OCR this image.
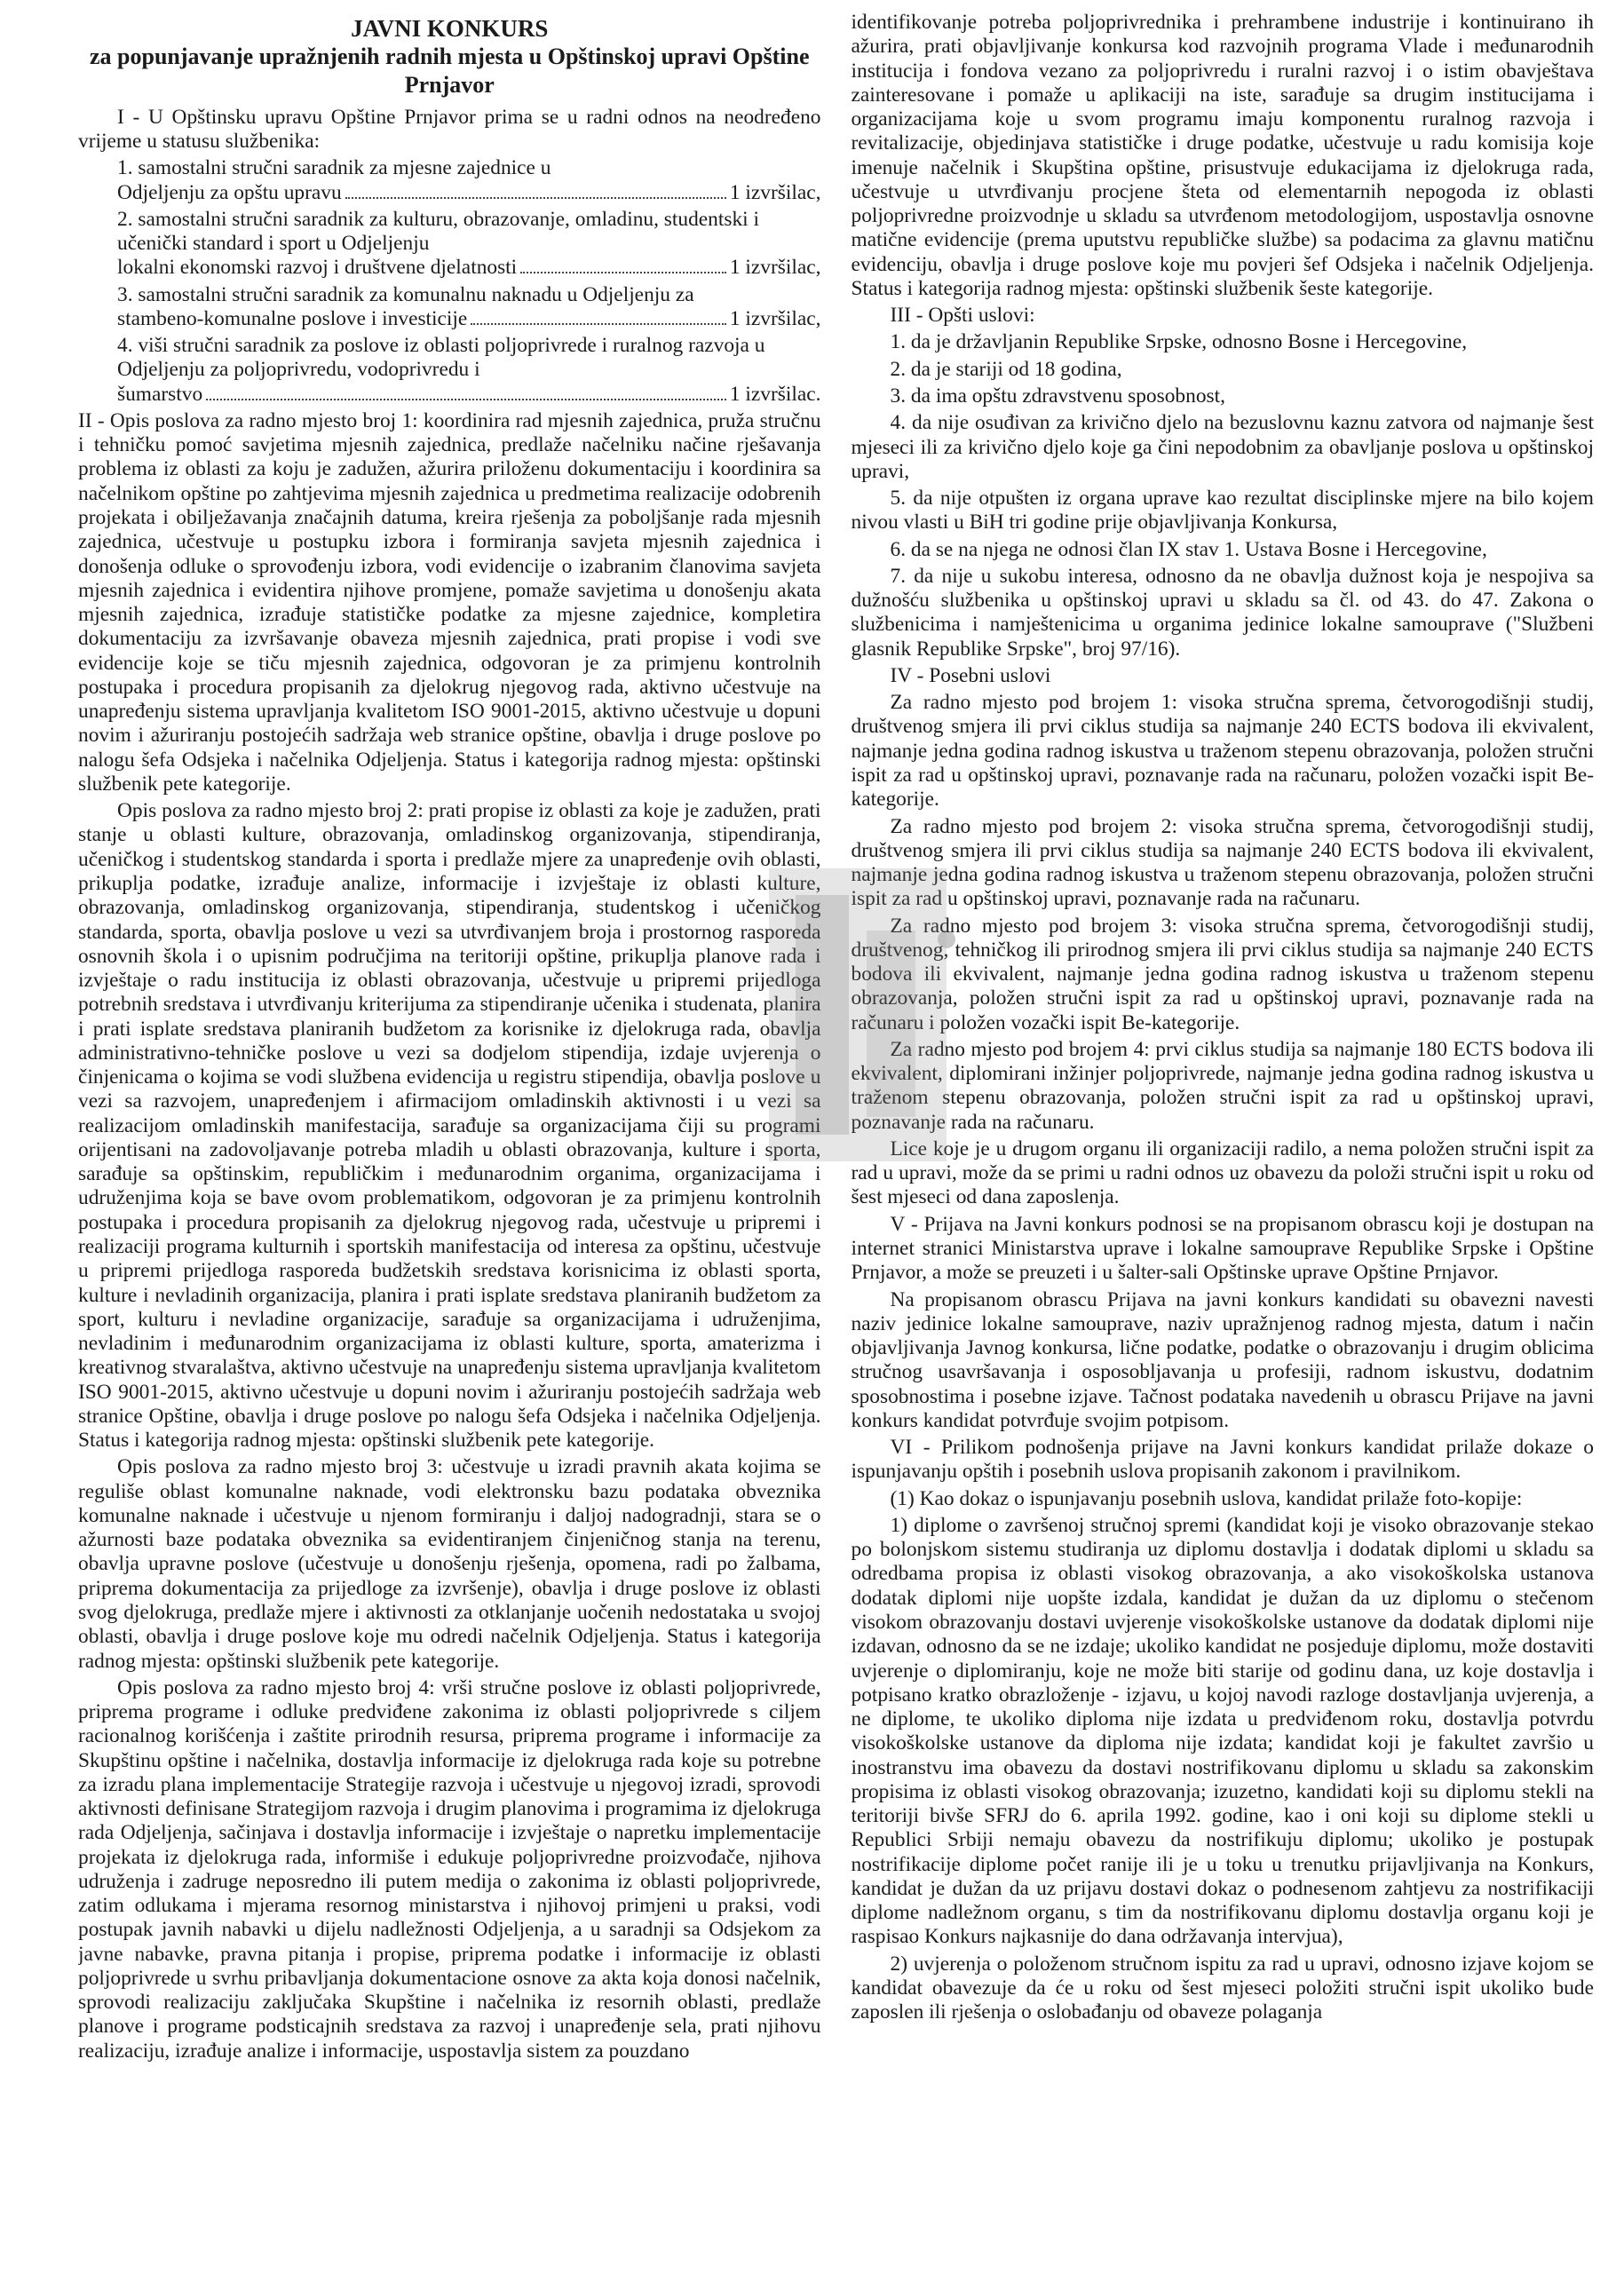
JAVNI KONKURS
za popunjavanje upražnjenih radnih mjesta u Opštinskoj upravi Opštine Prnjavor

I - U Opštinsku upravu Opštine Prnjavor prima se u radni odnos na neodređeno vrijeme u statusu službenika:

1. samostalni stručni saradnik za mjesne zajednice u
Odjeljenju za opštu upravu	1 izvršilac,
2. samostalni stručni saradnik za kulturu, obrazovanje, omladinu, studentski i učenički standard i sport u Odjeljenju
lokalni ekonomski razvoj i društvene djelatnosti	1 izvršilac,
3. samostalni stručni saradnik za komunalnu naknadu u Odjeljenju za
stambeno-komunalne poslove i investicije	1 izvršilac,
4. viši stručni saradnik za poslove iz oblasti poljoprivrede i ruralnog razvoja u Odjeljenju za poljoprivredu, vodoprivredu i
šumarstvo	1 izvršilac.

II - Opis poslova za radno mjesto broj 1: koordinira rad mjesnih zajednica, pruža stručnu i tehničku pomoć savjetima mjesnih zajednica, predlaže načelniku načine rješavanja problema iz oblasti za koju je zadužen, ažurira priloženu dokumentaciju i koordinira sa načelnikom opštine po zahtjevima mjesnih zajednica u predmetima realizacije odobrenih projekata i obilježavanja značajnih datuma, kreira rješenja za poboljšanje rada mjesnih zajednica, učestvuje u postupku izbora i formiranja savjeta mjesnih zajednica i donošenja odluke o sprovođenju izbora, vodi evidencije o izabranim članovima savjeta mjesnih zajednica i evidentira njihove promjene, pomaže savjetima u donošenju akata mjesnih zajednica, izrađuje statističke podatke za mjesne zajednice, kompletira dokumentaciju za izvršavanje obaveza mjesnih zajednica, prati propise i vodi sve evidencije koje se tiču mjesnih zajednica, odgovoran je za primjenu kontrolnih postupaka i procedura propisanih za djelokrug njegovog rada, aktivno učestvuje na unapređenju sistema upravljanja kvalitetom ISO 9001-2015, aktivno učestvuje u dopuni novim i ažuriranju postojećih sadržaja web stranice opštine, obavlja i druge poslove po nalogu šefa Odsjeka i načelnika Odjeljenja. Status i kategorija radnog mjesta: opštinski službenik pete kategorije.

Opis poslova za radno mjesto broj 2: prati propise iz oblasti za koje je zadužen, prati stanje u oblasti kulture, obrazovanja, omladinskog organizovanja, stipendiranja, učeničkog i studentskog standarda i sporta i predlaže mjere za unapređenje ovih oblasti, prikuplja podatke, izrađuje analize, informacije i izvještaje iz oblasti kulture, obrazovanja, omladinskog organizovanja, stipendiranja, studentskog i učeničkog standarda, sporta, obavlja poslove u vezi sa utvrđivanjem broja i prostornog rasporeda osnovnih škola i o upisnim područjima na teritoriji opštine, prikuplja planove rada i izvještaje o radu institucija iz oblasti obrazovanja, učestvuje u pripremi prijedloga potrebnih sredstava i utvrđivanju kriterijuma za stipendiranje učenika i studenata, planira i prati isplate sredstava planiranih budžetom za korisnike iz djelokruga rada, obavlja administrativno-tehničke poslove u vezi sa dodjelom stipendija, izdaje uvjerenja o činjenicama o kojima se vodi službena evidencija u registru stipendija, obavlja poslove u vezi sa razvojem, unapređenjem i afirmacijom omladinskih aktivnosti i u vezi sa realizacijom omladinskih manifestacija, sarađuje sa organizacijama čiji su programi orijentisani na zadovoljavanje potreba mladih u oblasti obrazovanja, kulture i sporta, sarađuje sa opštinskim, republičkim i međunarodnim organima, organizacijama i udruženjima koja se bave ovom problematikom, odgovoran je za primjenu kontrolnih postupaka i procedura propisanih za djelokrug njegovog rada, učestvuje u pripremi i realizaciji programa kulturnih i sportskih manifestacija od interesa za opštinu, učestvuje u pripremi prijedloga rasporeda budžetskih sredstava korisnicima iz oblasti sporta, kulture i nevladinih organizacija, planira i prati isplate sredstava planiranih budžetom za sport, kulturu i nevladine organizacije, sarađuje sa organizacijama i udruženjima, nevladinim i međunarodnim organizacijama iz oblasti kulture, sporta, amaterizma i kreativnog stvaralaštva, aktivno učestvuje na unapređenju sistema upravljanja kvalitetom ISO 9001-2015, aktivno učestvuje u dopuni novim i ažuriranju postojećih sadržaja web stranice Opštine, obavlja i druge poslove po nalogu šefa Odsjeka i načelnika Odjeljenja. Status i kategorija radnog mjesta: opštinski službenik pete kategorije.

Opis poslova za radno mjesto broj 3: učestvuje u izradi pravnih akata kojima se reguliše oblast komunalne naknade, vodi elektronsku bazu podataka obveznika komunalne naknade i učestvuje u njenom formiranju i daljoj nadogradnji, stara se o ažurnosti baze podataka obveznika sa evidentiranjem činjeničnog stanja na terenu, obavlja upravne poslove (učestvuje u donošenju rješenja, opomena, radi po žalbama, priprema dokumentacija za prijedloge za izvršenje), obavlja i druge poslove iz oblasti svog djelokruga, predlaže mjere i aktivnosti za otklanjanje uočenih nedostataka u svojoj oblasti, obavlja i druge poslove koje mu odredi načelnik Odjeljenja. Status i kategorija radnog mjesta: opštinski službenik pete kategorije.

Opis poslova za radno mjesto broj 4: vrši stručne poslove iz oblasti poljoprivrede, priprema programe i odluke predviđene zakonima iz oblasti poljoprivrede s ciljem racionalnog korišćenja i zaštite prirodnih resursa, priprema programe i informacije za Skupštinu opštine i načelnika, dostavlja informacije iz djelokruga rada koje su potrebne za izradu plana implementacije Strategije razvoja i učestvuje u njegovoj izradi, sprovodi aktivnosti definisane Strategijom razvoja i drugim planovima i programima iz djelokruga rada Odjeljenja, sačinjava i dostavlja informacije i izvještaje o napretku implementacije projekata iz djelokruga rada, informiše i edukuje poljoprivredne proizvođače, njihova udruženja i zadruge neposredno ili putem medija o zakonima iz oblasti poljoprivrede, zatim odlukama i mjerama resornog ministarstva i njihovoj primjeni u praksi, vodi postupak javnih nabavki u dijelu nadležnosti Odjeljenja, a u saradnji sa Odsjekom za javne nabavke, pravna pitanja i propise, priprema podatke i informacije iz oblasti poljoprivrede u svrhu pribavljanja dokumentacione osnove za akta koja donosi načelnik, sprovodi realizaciju zaključaka Skupštine i načelnika iz resornih oblasti, predlaže planove i programe podsticajnih sredstava za razvoj i unapređenje sela, prati njihovu realizaciju, izrađuje analize i informacije, uspostavlja sistem za pouzdano

identifikovanje potreba poljoprivrednika i prehrambene industrije i kontinuirano ih ažurira, prati objavljivanje konkursa kod razvojnih programa Vlade i međunarodnih institucija i fondova vezano za poljoprivredu i ruralni razvoj i o istim obavještava zainteresovane i pomaže u aplikaciji na iste, sarađuje sa drugim institucijama i organizacijama koje u svom programu imaju komponentu ruralnog razvoja i revitalizacije, objedinjava statističke i druge podatke, učestvuje u radu komisija koje imenuje načelnik i Skupština opštine, prisustvuje edukacijama iz djelokruga rada, učestvuje u utvrđivanju procjene šteta od elementarnih nepogoda iz oblasti poljoprivredne proizvodnje u skladu sa utvrđenom metodologijom, uspostavlja osnovne matične evidencije (prema uputstvu republičke službe) sa podacima za glavnu matičnu evidenciju, obavlja i druge poslove koje mu povjeri šef Odsjeka i načelnik Odjeljenja. Status i kategorija radnog mjesta: opštinski službenik šeste kategorije.

III - Opšti uslovi:

1. da je državljanin Republike Srpske, odnosno Bosne i Hercegovine,

2. da je stariji od 18 godina,

3. da ima opštu zdravstvenu sposobnost,

4. da nije osuđivan za krivično djelo na bezuslovnu kaznu zatvora od najmanje šest mjeseci ili za krivično djelo koje ga čini nepodobnim za obavljanje poslova u opštinskoj upravi,

5. da nije otpušten iz organa uprave kao rezultat disciplinske mjere na bilo kojem nivou vlasti u BiH tri godine prije objavljivanja Konkursa,

6. da se na njega ne odnosi član IX stav 1. Ustava Bosne i Hercegovine,

7. da nije u sukobu interesa, odnosno da ne obavlja dužnost koja je nespojiva sa dužnošću službenika u opštinskoj upravi u skladu sa čl. od 43. do 47. Zakona o službenicima i namještenicima u organima jedinice lokalne samouprave ("Službeni glasnik Republike Srpske", broj 97/16).

IV - Posebni uslovi

Za radno mjesto pod brojem 1: visoka stručna sprema, četvorogodišnji studij, društvenog smjera ili prvi ciklus studija sa najmanje 240 ECTS bodova ili ekvivalent, najmanje jedna godina radnog iskustva u traženom stepenu obrazovanja, položen stručni ispit za rad u opštinskoj upravi, poznavanje rada na računaru, položen vozački ispit Be-kategorije.

Za radno mjesto pod brojem 2: visoka stručna sprema, četvorogodišnji studij, društvenog smjera ili prvi ciklus studija sa najmanje 240 ECTS bodova ili ekvivalent, najmanje jedna godina radnog iskustva u traženom stepenu obrazovanja, položen stručni ispit za rad u opštinskoj upravi, poznavanje rada na računaru.

Za radno mjesto pod brojem 3: visoka stručna sprema, četvorogodišnji studij, društvenog, tehničkog ili prirodnog smjera ili prvi ciklus studija sa najmanje 240 ECTS bodova ili ekvivalent, najmanje jedna godina radnog iskustva u traženom stepenu obrazovanja, položen stručni ispit za rad u opštinskoj upravi, poznavanje rada na računaru i položen vozački ispit Be-kategorije.

Za radno mjesto pod brojem 4: prvi ciklus studija sa najmanje 180 ECTS bodova ili ekvivalent, diplomirani inžinjer poljoprivrede, najmanje jedna godina radnog iskustva u traženom stepenu obrazovanja, položen stručni ispit za rad u opštinskoj upravi, poznavanje rada na računaru.

Lice koje je u drugom organu ili organizaciji radilo, a nema položen stručni ispit za rad u upravi, može da se primi u radni odnos uz obavezu da položi stručni ispit u roku od šest mjeseci od dana zaposlenja.

V - Prijava na Javni konkurs podnosi se na propisanom obrascu koji je dostupan na internet stranici Ministarstva uprave i lokalne samouprave Republike Srpske i Opštine Prnjavor, a može se preuzeti i u šalter-sali Opštinske uprave Opštine Prnjavor.

Na propisanom obrascu Prijava na javni konkurs kandidati su obavezni navesti naziv jedinice lokalne samouprave, naziv upražnjenog radnog mjesta, datum i način objavljivanja Javnog konkursa, lične podatke, podatke o obrazovanju i drugim oblicima stručnog usavršavanja i osposobljavanja u profesiji, radnom iskustvu, dodatnim sposobnostima i posebne izjave. Tačnost podataka navedenih u obrascu Prijave na javni konkurs kandidat potvrđuje svojim potpisom.

VI - Prilikom podnošenja prijave na Javni konkurs kandidat prilaže dokaze o ispunjavanju opštih i posebnih uslova propisanih zakonom i pravilnikom.

(1) Kao dokaz o ispunjavanju posebnih uslova, kandidat prilaže foto-kopije:

1) diplome o završenoj stručnoj spremi (kandidat koji je visoko obrazovanje stekao po bolonjskom sistemu studiranja uz diplomu dostavlja i dodatak diplomi u skladu sa odredbama propisa iz oblasti visokog obrazovanja, a ako visokoškolska ustanova dodatak diplomi nije uopšte izdala, kandidat je dužan da uz diplomu o stečenom visokom obrazovanju dostavi uvjerenje visokoškolske ustanove da dodatak diplomi nije izdavan, odnosno da se ne izdaje; ukoliko kandidat ne posjeduje diplomu, može dostaviti uvjerenje o diplomiranju, koje ne može biti starije od godinu dana, uz koje dostavlja i potpisano kratko obrazloženje - izjavu, u kojoj navodi razloge dostavljanja uvjerenja, a ne diplome, te ukoliko diploma nije izdata u predviđenom roku, dostavlja potvrdu visokoškolske ustanove da diploma nije izdata; kandidat koji je fakultet završio u inostranstvu ima obavezu da dostavi nostrifikovanu diplomu u skladu sa zakonskim propisima iz oblasti visokog obrazovanja; izuzetno, kandidati koji su diplomu stekli na teritoriji bivše SFRJ do 6. aprila 1992. godine, kao i oni koji su diplome stekli u Republici Srbiji nemaju obavezu da nostrifikuju diplomu; ukoliko je postupak nostrifikacije diplome počet ranije ili je u toku u trenutku prijavljivanja na Konkurs, kandidat je dužan da uz prijavu dostavi dokaz o podnesenom zahtjevu za nostrifikaciji diplome nadležnom organu, s tim da nostrifikovanu diplomu dostavlja organu koji je raspisao Konkurs najkasnije do dana održavanja intervjua),

2) uvjerenja o položenom stručnom ispitu za rad u upravi, odnosno izjave kojom se kandidat obavezuje da će u roku od šest mjeseci položiti stručni ispit ukoliko bude zaposlen ili rješenja o oslobađanju od obaveze polaganja
